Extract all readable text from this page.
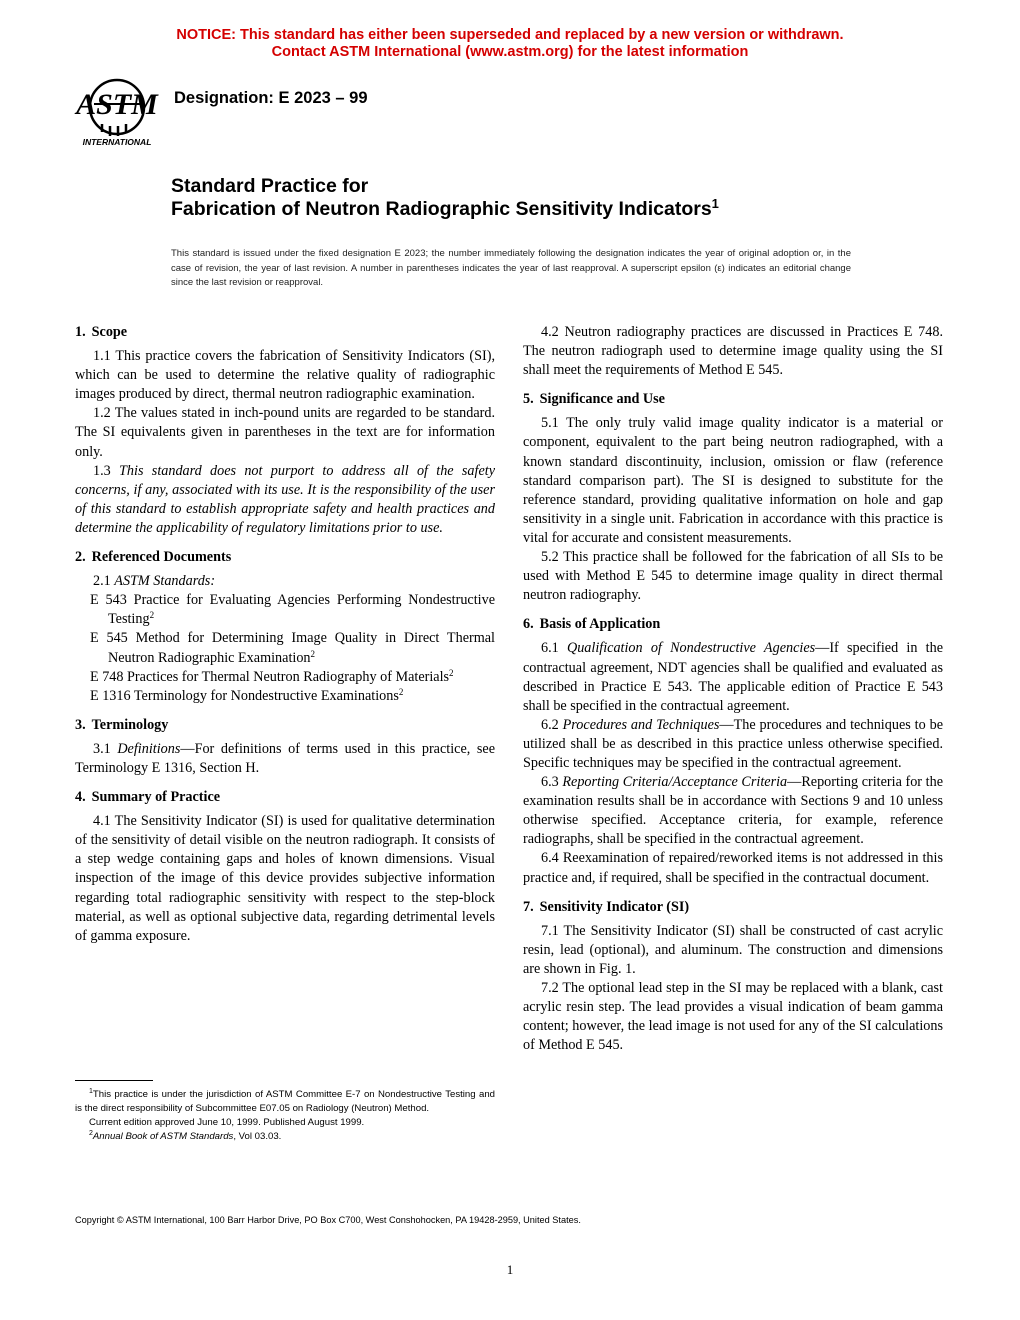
NOTICE: This standard has either been superseded and replaced by a new version or withdrawn.
Contact ASTM International (www.astm.org) for the latest information
ASTM
INTERNATIONAL
Designation: E 2023 – 99
Standard Practice for
Fabrication of Neutron Radiographic Sensitivity Indicators$^1$
This standard is issued under the fixed designation E 2023; the number immediately following the designation indicates the year of original adoption or, in the case of revision, the year of last revision. A number in parentheses indicates the year of last reapproval. A superscript epsilon (ε) indicates an editorial change since the last revision or reapproval.
1. Scope

1.1 This practice covers the fabrication of Sensitivity Indicators (SI), which can be used to determine the relative quality of radiographic images produced by direct, thermal neutron radiographic examination.

1.2 The values stated in inch-pound units are regarded to be standard. The SI equivalents given in parentheses in the text are for information only.

1.3 This standard does not purport to address all of the safety concerns, if any, associated with its use. It is the responsibility of the user of this standard to establish appropriate safety and health practices and determine the applicability of regulatory limitations prior to use.

2. Referenced Documents

2.1 ASTM Standards:

E 543 Practice for Evaluating Agencies Performing Nondestructive Testing$^2$

E 545 Method for Determining Image Quality in Direct Thermal Neutron Radiographic Examination$^2$

E 748 Practices for Thermal Neutron Radiography of Materials$^2$

E 1316 Terminology for Nondestructive Examinations$^2$

3. Terminology

3.1 Definitions—For definitions of terms used in this practice, see Terminology E 1316, Section H.

4. Summary of Practice

4.1 The Sensitivity Indicator (SI) is used for qualitative determination of the sensitivity of detail visible on the neutron radiograph. It consists of a step wedge containing gaps and holes of known dimensions. Visual inspection of the image of this device provides subjective information regarding total radiographic sensitivity with respect to the step-block material, as well as optional subjective data, regarding detrimental levels of gamma exposure.

4.2 Neutron radiography practices are discussed in Practices E 748. The neutron radiograph used to determine image quality using the SI shall meet the requirements of Method E 545.

5. Significance and Use

5.1 The only truly valid image quality indicator is a material or component, equivalent to the part being neutron radiographed, with a known standard discontinuity, inclusion, omission or flaw (reference standard comparison part). The SI is designed to substitute for the reference standard, providing qualitative information on hole and gap sensitivity in a single unit. Fabrication in accordance with this practice is vital for accurate and consistent measurements.

5.2 This practice shall be followed for the fabrication of all SIs to be used with Method E 545 to determine image quality in direct thermal neutron radiography.

6. Basis of Application

6.1 Qualification of Nondestructive Agencies—If specified in the contractual agreement, NDT agencies shall be qualified and evaluated as described in Practice E 543. The applicable edition of Practice E 543 shall be specified in the contractual agreement.

6.2 Procedures and Techniques—The procedures and techniques to be utilized shall be as described in this practice unless otherwise specified. Specific techniques may be specified in the contractual agreement.

6.3 Reporting Criteria/Acceptance Criteria—Reporting criteria for the examination results shall be in accordance with Sections 9 and 10 unless otherwise specified. Acceptance criteria, for example, reference radiographs, shall be specified in the contractual agreement.

6.4 Reexamination of repaired/reworked items is not addressed in this practice and, if required, shall be specified in the contractual document.

7. Sensitivity Indicator (SI)

7.1 The Sensitivity Indicator (SI) shall be constructed of cast acrylic resin, lead (optional), and aluminum. The construction and dimensions are shown in Fig. 1.

7.2 The optional lead step in the SI may be replaced with a blank, cast acrylic resin step. The lead provides a visual indication of beam gamma content; however, the lead image is not used for any of the SI calculations of Method E 545.

$^1$This practice is under the jurisdiction of ASTM Committee E-7 on Nondestructive Testing and is the direct responsibility of Subcommittee E07.05 on Radiology (Neutron) Method.

Current edition approved June 10, 1999. Published August 1999.

$^2$Annual Book of ASTM Standards, Vol 03.03.

Copyright © ASTM International, 100 Barr Harbor Drive, PO Box C700, West Conshohocken, PA 19428-2959, United States.
1
